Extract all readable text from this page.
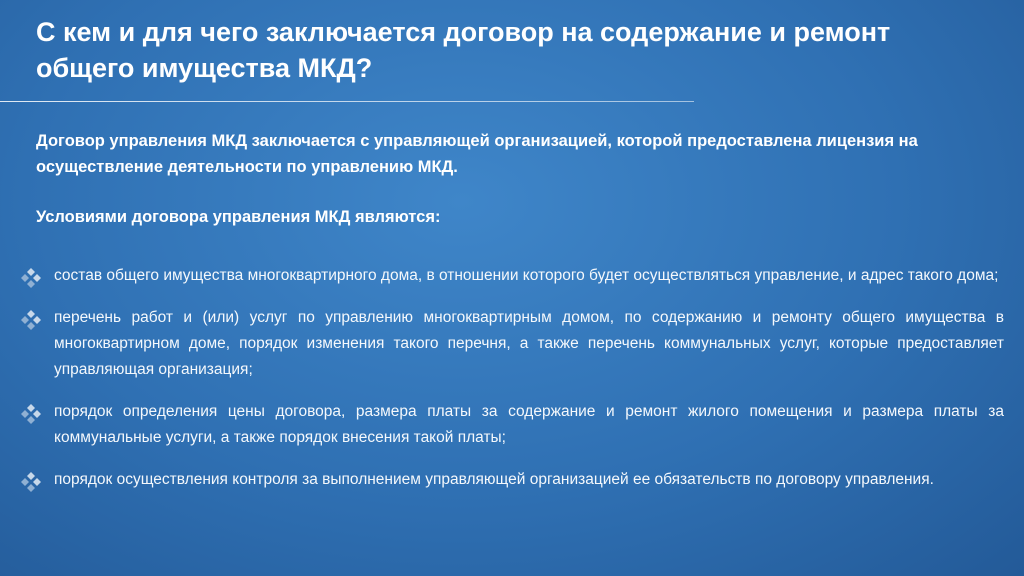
С кем и для чего заключается договор на содержание и ремонт общего имущества МКД?

Договор управления МКД заключается с управляющей организацией, которой предоставлена лицензия на осуществление деятельности по управлению МКД.

Условиями договора управления МКД являются:

состав общего имущества многоквартирного дома, в отношении которого будет осуществляться управление, и адрес такого дома;
перечень работ и (или) услуг по управлению многоквартирным домом, по содержанию и ремонту общего имущества в многоквартирном доме, порядок изменения такого перечня, а также перечень коммунальных услуг, которые предоставляет управляющая организация;
порядок определения цены договора, размера платы за содержание и ремонт жилого помещения и размера платы за коммунальные услуги, а также порядок внесения такой платы;
порядок осуществления контроля за выполнением управляющей организацией ее обязательств по договору управления.
